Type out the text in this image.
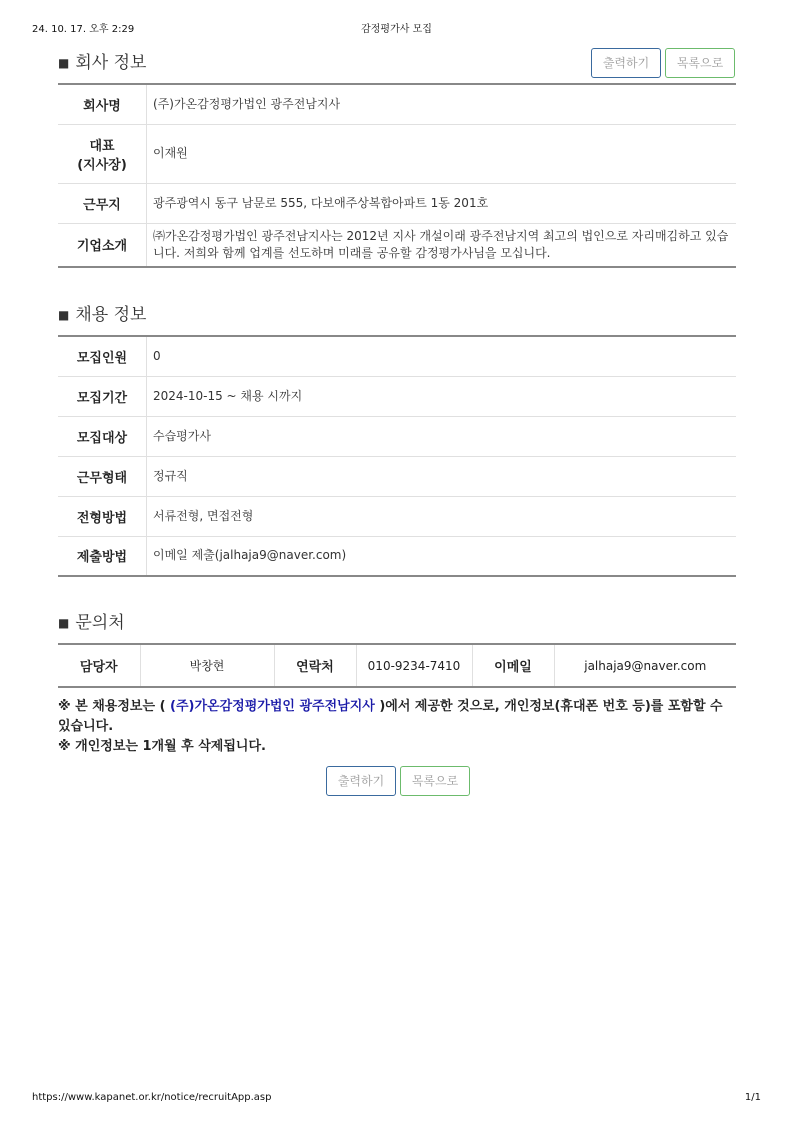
24. 10. 17. 오후 2:29	감정평가사 모집
■ 회사 정보	출력하기 목록으로
회사명	(주)가온감정평가법인 광주전남지사

대표
(지사장)	이재원
근무지	광주광역시 동구 남문로 555, 다보애주상복합아파트 1동 201호
기업소개	㈜가온감정평가법인 광주전남지사는 2012년 지사 개설이래 광주전남지역 최고의 법인으로 자리매김하고 있습니다. 저희와 함께 업계를 선도하며 미래를 공유할 감정평가사님을 모십니다.
■ 채용 정보
모집인원	0
모집기간	2024-10-15 ~ 채용 시까지
모집대상	수습평가사
근무형태	정규직
전형방법	서류전형, 면접전형
제출방법	이메일 제출(jalhaja9@naver.com)
■ 문의처
담당자	박창현	연락처	010-9234-7410	이메일	jalhaja9@naver.com
※ 본 채용정보는 ( (주)가온감정평가법인 광주전남지사 )에서 제공한 것으로, 개인정보(휴대폰 번호 등)를 포함할 수 있습니다.
※ 개인정보는 1개월 후 삭제됩니다.
출력하기 목록으로
https://www.kapanet.or.kr/notice/recruitApp.asp	1/1
